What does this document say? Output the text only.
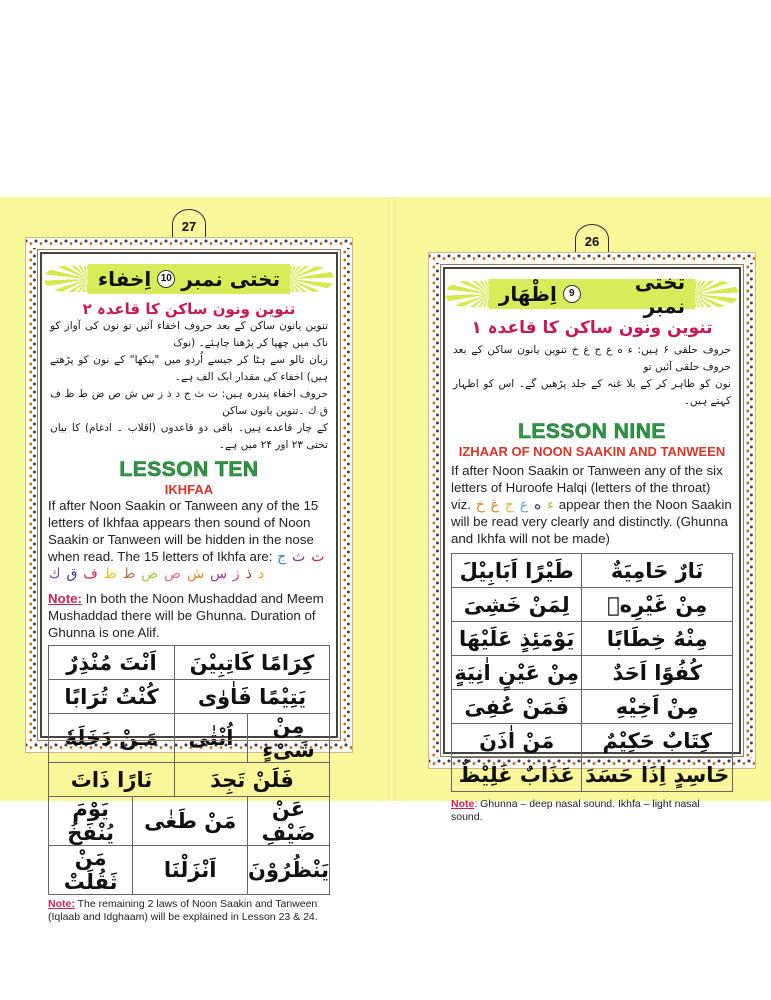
27
تختی نمبر
10
اِخفاء
تنوین ونون ساکن کا قاعدہ ۲
تنوین یانون ساکن کے بعد حروف اخفاء آئیں تو نون کی آواز کو ناک میں چھپا کر پڑھنا چاہئے۔ (نوک
زبان تالو سے ہٹا کر جیسے اُردو میں "پنکھا" کے نون کو پڑھتے ہیں) اخفاء کی مقدار ایک الف ہے۔
حروف اخفاء پندرہ ہیں: ت ث ج د ذ ز س ش ص ض ط ظ ف ق ك ۔تنوین یانون ساکن
کے چار قاعدے ہیں۔ باقی دو قاعدوں (اقلاب ۔ ادغام) کا بیان تختی ۲۳ اور ۲۴ میں ہے۔
LESSON TEN
IKHFAA
If after Noon Saakin or Tanween any of the 15 letters of Ikhfaa appears then sound of Noon Saakin or Tanween will be hidden in the nose when read. The 15 letters of Ikhfa are:	ت ث ج د ذ ز س ش ص ض ط ظ ف ق ك
Note: In both the Noon Mushaddad and Meem Mushaddad there will be Ghunna. Duration of Ghunna is one Alif.
اَنْتَ مُنْذِرٌ		كِرَامًا كَاتِبِيْنَ	
كُنْتُ تُرَابًا		يَتِيْمًا فَاٰوٰى	
مَـنْ دَخَلَهٗ		اُنْثٰى	مِنْ شَىْءٍ
نَارًا ذَاتَ		فَلَنْ تَجِدَ	
يَوْمَ يُنْفَخُ	مَنْ طَغٰى		عَنْ ضَيْفِ
مَنْ ثَقُلَتْ	اَنْزَلْنَا		يَنْظُرُوْنَ
Note: The remaining 2 laws of Noon Saakin and Tanween (Iqlaab and Idghaam) will be explained in Lesson 23 & 24.
26
تختی نمبر
9
اِظْهَار
تنوین ونون ساکن کا قاعدہ ۱
حروف حلقی ۶ ہیں: ء ه ع ح غ خ تنوین یانون ساکن کے بعد حروف حلقی آئیں تو
نون کو ظاہر کر کے بلا غنہ کے جلد پڑھیں گے۔ اس کو اظہار کہتے ہیں۔
LESSON NINE
IZHAAR OF NOON SAAKIN AND TANWEEN
If after Noon Saakin or Tanween any of the six letters of Huroofe Halqi (letters of the throat) viz.	ء ه ع ح غ خ	appear then the Noon Saakin will be read very clearly and distinctly. (Ghunna and Ikhfa will not be made)
طَيْرًا اَبَابِيْلَ	نَارٌ حَامِيَةٌ
لِمَنْ خَشِىَ	مِنْ غَيْرِهٖ
يَوْمَئِذٍ عَلَيْهَا	مِنْهُ خِطَابًا
مِنْ عَيْنٍ اٰنِيَةٍ	كُفُوًا اَحَدٌ
فَمَنْ عُفِىَ	مِنْ اَخِيْهِ
مَنْ اٰذَنَ	كِتَابٌ حَكِيْمٌ
عَذَابٌ غَلِيْظٌ	حَاسِدٍ اِذَا حَسَدَ
Note: Ghunna – deep nasal sound. Ikhfa – light nasal sound.
